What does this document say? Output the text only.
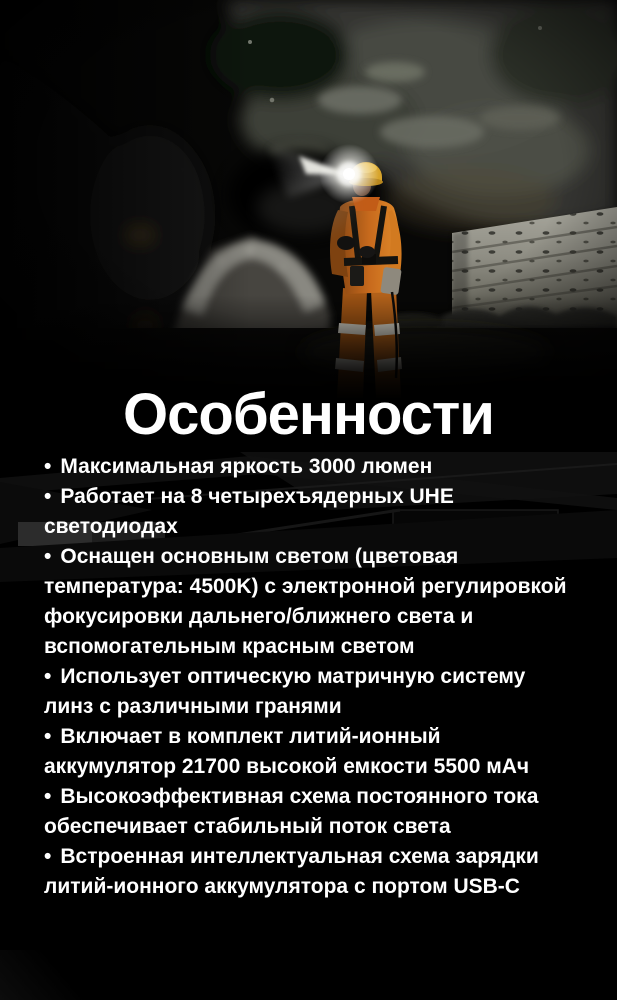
Особенности
• Максимальная яркость 3000 люмен
• Работает на 8 четырехъядерных UHE светодиодах
• Оснащен основным светом (цветовая температура: 4500K) с электронной регулировкой фокусировки дальнего/ближнего света и вспомогательным красным светом
• Использует оптическую матричную систему линз с различными гранями
• Включает в комплект литий-ионный аккумулятор 21700 высокой емкости 5500 мАч
• Высокоэффективная схема постоянного тока обеспечивает стабильный поток света
• Встроенная интеллектуальная схема зарядки литий-ионного аккумулятора с портом USB-C
